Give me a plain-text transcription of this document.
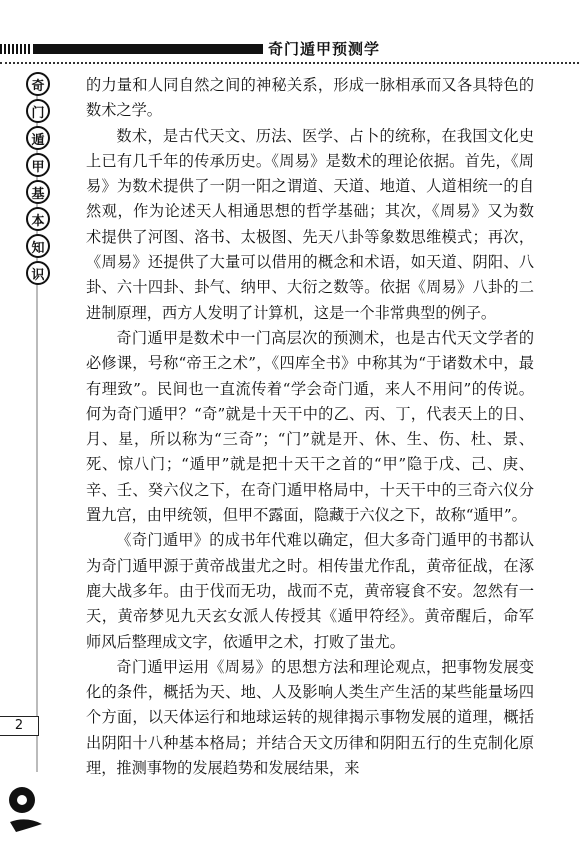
奇门遁甲预测学
奇
门
遁
甲
基
本
知
识

的力量和人同自然之间的神秘关系，形成一脉相承而又各具特色的数术之学。

数术，是古代天文、历法、医学、占卜的统称，在我国文化史上已有几千年的传承历史。《周易》是数术的理论依据。首先，《周易》为数术提供了一阴一阳之谓道、天道、地道、人道相统一的自然观，作为论述天人相通思想的哲学基础；其次，《周易》又为数术提供了河图、洛书、太极图、先天八卦等象数思维模式；再次，《周易》还提供了大量可以借用的概念和术语，如天道、阴阳、八卦、六十四卦、卦气、纳甲、大衍之数等。依据《周易》八卦的二进制原理，西方人发明了计算机，这是一个非常典型的例子。

奇门遁甲是数术中一门高层次的预测术，也是古代天文学者的必修课，号称“帝王之术”，《四库全书》中称其为“于诸数术中，最有理致”。民间也一直流传着“学会奇门遁，来人不用问”的传说。何为奇门遁甲？“奇”就是十天干中的乙、丙、丁，代表天上的日、月、星，所以称为“三奇”；“门”就是开、休、生、伤、杜、景、死、惊八门；“遁甲”就是把十天干之首的“甲”隐于戊、己、庚、辛、壬、癸六仪之下，在奇门遁甲格局中，十天干中的三奇六仪分置九宫，由甲统领，但甲不露面，隐藏于六仪之下，故称“遁甲”。

《奇门遁甲》的成书年代难以确定，但大多奇门遁甲的书都认为奇门遁甲源于黄帝战蚩尤之时。相传蚩尤作乱，黄帝征战，在涿鹿大战多年。由于伐而无功，战而不克，黄帝寝食不安。忽然有一天，黄帝梦见九天玄女派人传授其《遁甲符经》。黄帝醒后，命军师风后整理成文字，依遁甲之术，打败了蚩尤。

奇门遁甲运用《周易》的思想方法和理论观点，把事物发展变化的条件，概括为天、地、人及影响人类生产生活的某些能量场四个方面，以天体运行和地球运转的规律揭示事物发展的道理，概括出阴阳十八种基本格局；并结合天文历律和阴阳五行的生克制化原理，推测事物的发展趋势和发展结果，来

2
